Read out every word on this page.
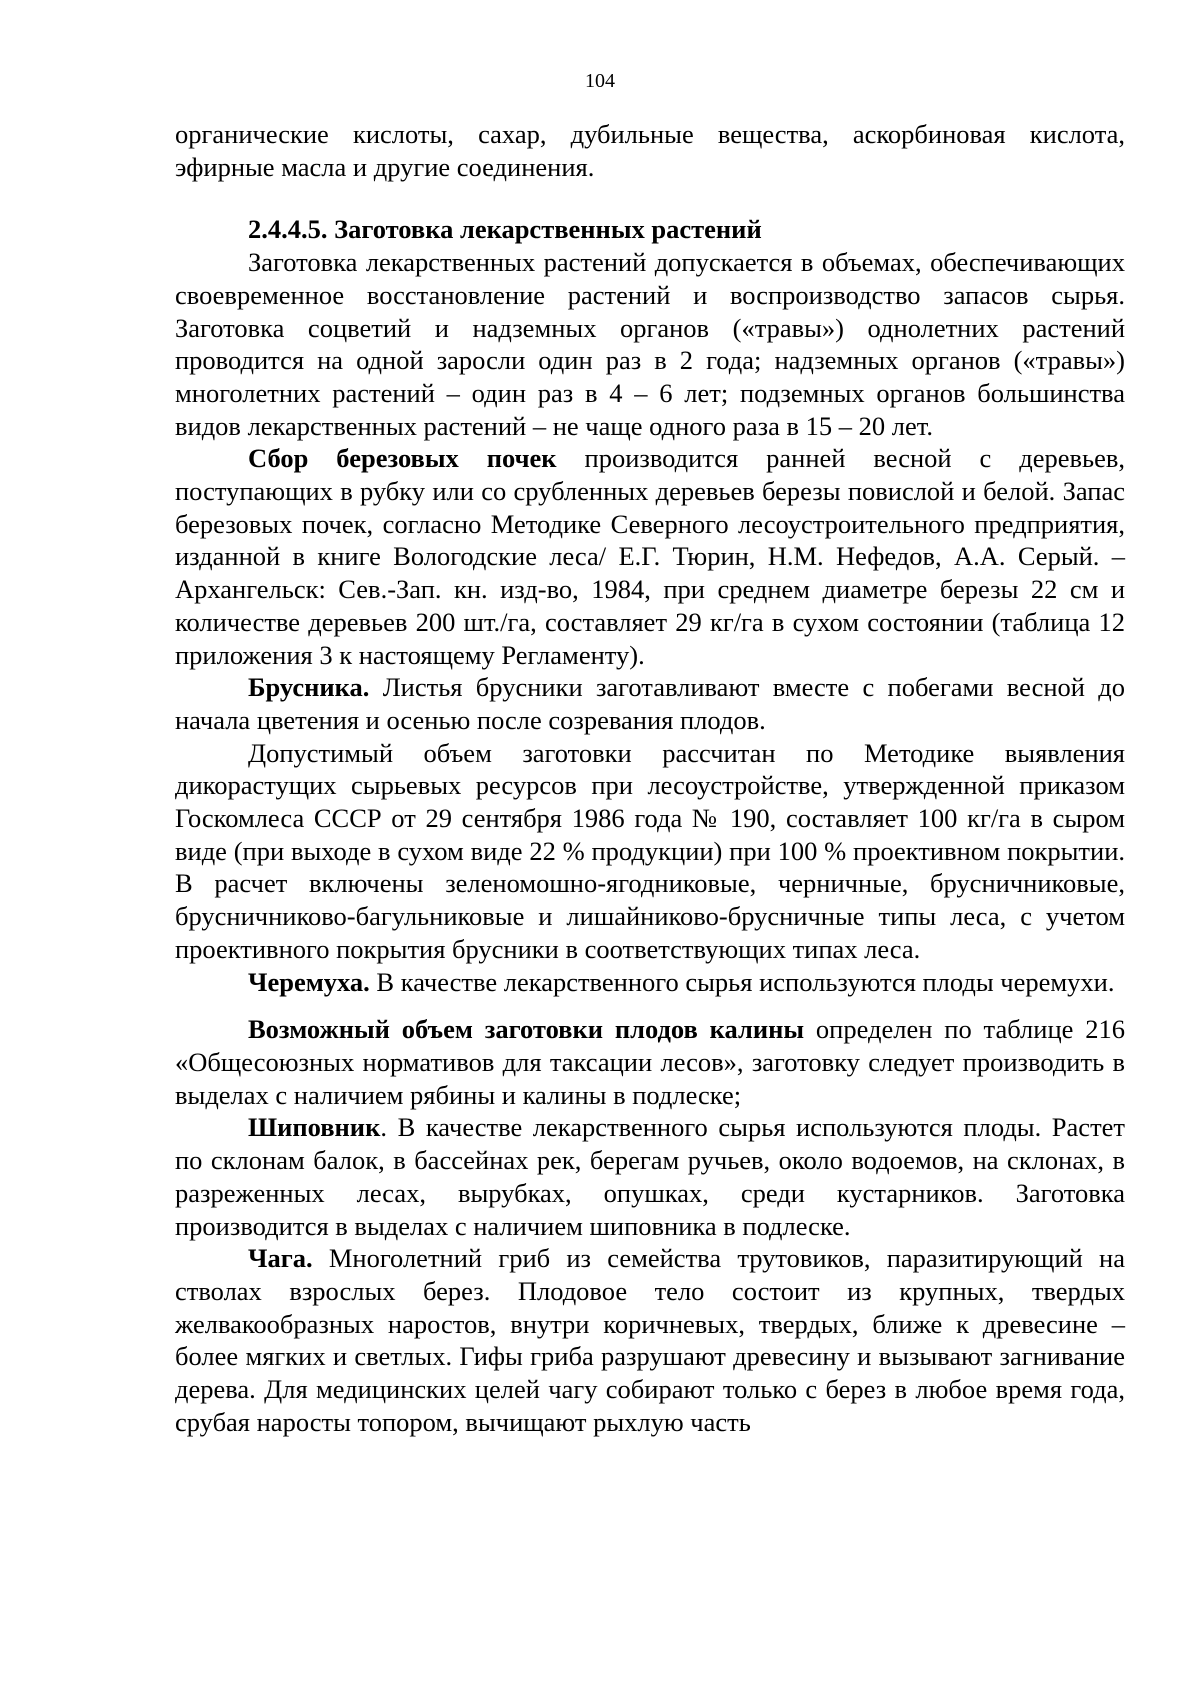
104

органические кислоты, сахар, дубильные вещества, аскорбиновая кислота, эфирные масла и другие соединения.

2.4.4.5. Заготовка лекарственных растений

Заготовка лекарственных растений допускается в объемах, обеспечивающих своевременное восстановление растений и воспроизводство запасов сырья. Заготовка соцветий и надземных органов («травы») однолетних растений проводится на одной заросли один раз в 2 года; надземных органов («травы») многолетних растений – один раз в 4 – 6 лет; подземных органов большинства видов лекарственных растений – не чаще одного раза в 15 – 20 лет.

Сбор березовых почек производится ранней весной с деревьев, поступающих в рубку или со срубленных деревьев березы повислой и белой. Запас березовых почек, согласно Методике Северного лесоустроительного предприятия, изданной в книге Вологодские леса/ Е.Г. Тюрин, Н.М. Нефедов, А.А. Серый. – Архангельск: Сев.-Зап. кн. изд-во, 1984, при среднем диаметре березы 22 см и количестве деревьев 200 шт./га, составляет 29 кг/га в сухом состоянии (таблица 12 приложения 3 к настоящему Регламенту).

Брусника. Листья брусники заготавливают вместе с побегами весной до начала цветения и осенью после созревания плодов.

Допустимый объем заготовки рассчитан по Методике выявления дикорастущих сырьевых ресурсов при лесоустройстве, утвержденной приказом Госкомлеса СССР от 29 сентября 1986 года № 190, составляет 100 кг/га в сыром виде (при выходе в сухом виде 22 % продукции) при 100 % проективном покрытии. В расчет включены зеленомошно-ягодниковые, черничные, брусничниковые, брусничниково-багульниковые и лишайниково-брусничные типы леса, с учетом проективного покрытия брусники в соответствующих типах леса.

Черемуха. В качестве лекарственного сырья используются плоды черемухи.

Возможный объем заготовки плодов калины определен по таблице 216 «Общесоюзных нормативов для таксации лесов», заготовку следует производить в выделах с наличием рябины и калины в подлеске;

Шиповник. В качестве лекарственного сырья используются плоды. Растет по склонам балок, в бассейнах рек, берегам ручьев, около водоемов, на склонах, в разреженных лесах, вырубках, опушках, среди кустарников. Заготовка производится в выделах с наличием шиповника в подлеске.

Чага. Многолетний гриб из семейства трутовиков, паразитирующий на стволах взрослых берез. Плодовое тело состоит из крупных, твердых желвакообразных наростов, внутри коричневых, твердых, ближе к древесине – более мягких и светлых. Гифы гриба разрушают древесину и вызывают загнивание дерева. Для медицинских целей чагу собирают только с берез в любое время года, срубая наросты топором, вычищают рыхлую часть
